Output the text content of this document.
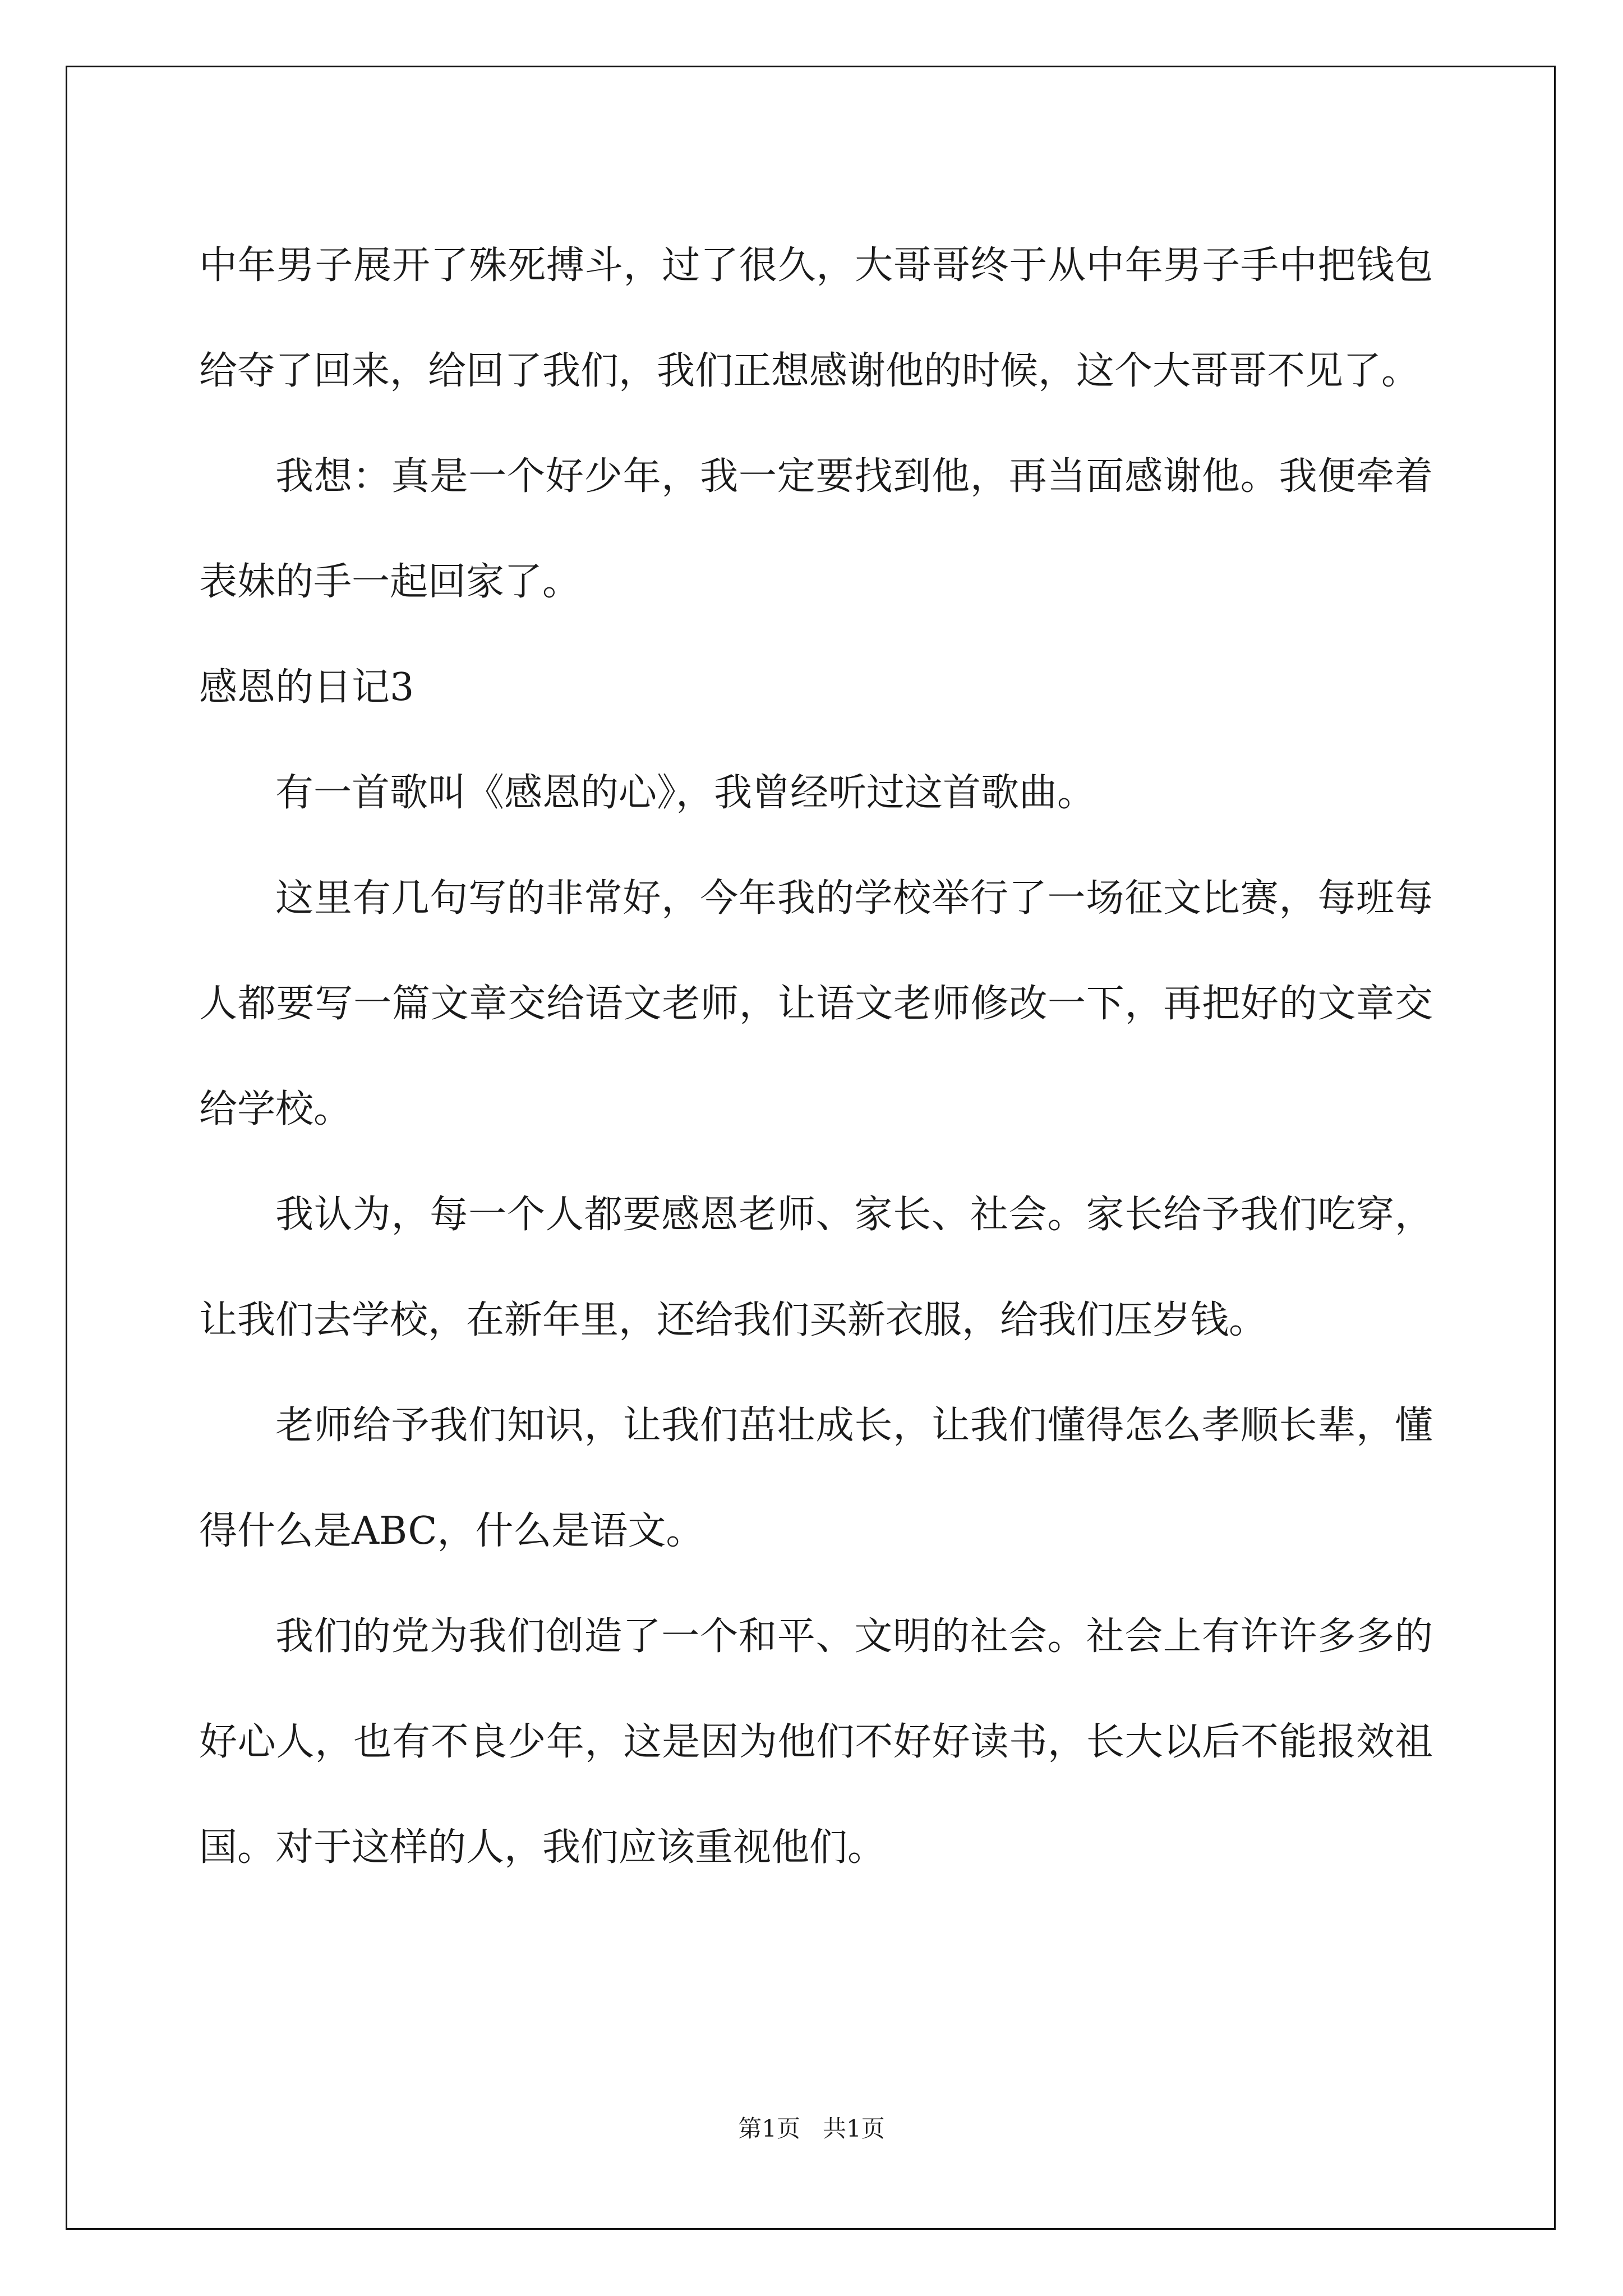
中年男子展开了殊死搏斗，过了很久，大哥哥终于从中年男子手中把钱包给夺了回来，给回了我们，我们正想感谢他的时候，这个大哥哥不见了。

我想：真是一个好少年，我一定要找到他，再当面感谢他。我便牵着表妹的手一起回家了。

感恩的日记3

有一首歌叫《感恩的心》，我曾经听过这首歌曲。

这里有几句写的非常好，今年我的学校举行了一场征文比赛，每班每人都要写一篇文章交给语文老师，让语文老师修改一下，再把好的文章交给学校。

我认为，每一个人都要感恩老师、家长、社会。家长给予我们吃穿，让我们去学校，在新年里，还给我们买新衣服，给我们压岁钱。

老师给予我们知识，让我们茁壮成长，让我们懂得怎么孝顺长辈，懂得什么是ABC，什么是语文。

我们的党为我们创造了一个和平、文明的社会。社会上有许许多多的好心人，也有不良少年，这是因为他们不好好读书，长大以后不能报效祖国。对于这样的人，我们应该重视他们。

第1页 共1页
